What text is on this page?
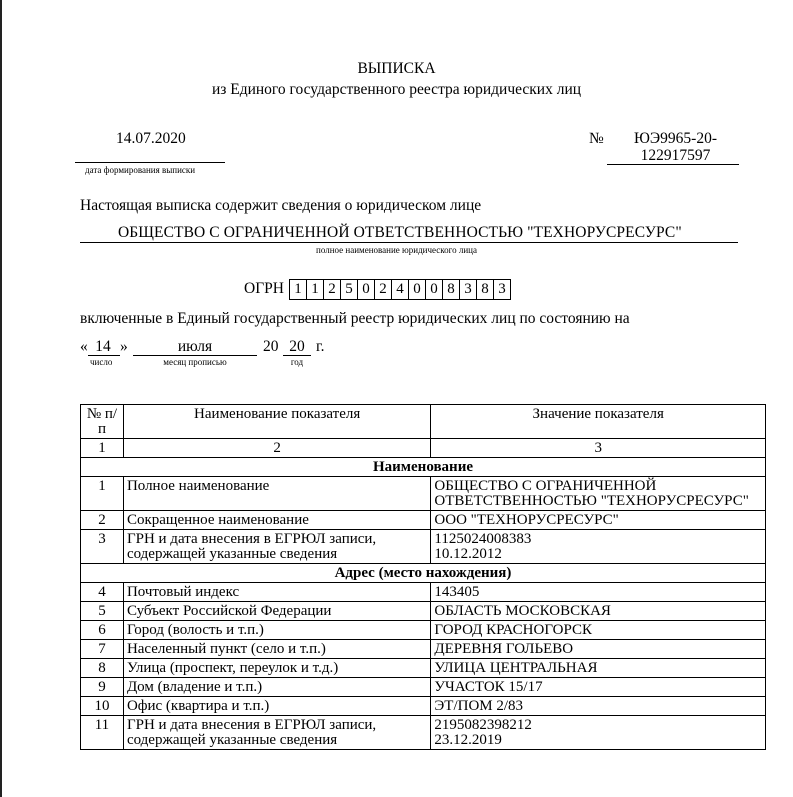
ВЫПИСКА
из Единого государственного реестра юридических лиц
14.07.2020
дата формирования выписки
№	ЮЭ9965-20-122917597
Настоящая выписка содержит сведения о юридическом лице
ОБЩЕСТВО С ОГРАНИЧЕННОЙ ОТВЕТСТВЕННОСТЬЮ "ТЕХНОРУСРЕСУРС"
полное наименование юридического лица
ОГРН 1 1 2 5 0 2 4 0 0 8 3 8 3
включенные в Единый государственный реестр юридических лиц по состоянию на
« 14 »	июля	20 20 г.
число	месяц прописью	год
№ п/п	Наименование показателя	Значение показателя
1	2	3
Наименование		
1	Полное наименование	ОБЩЕСТВО С ОГРАНИЧЕННОЙ ОТВЕТСТВЕННОСТЬЮ "ТЕХНОРУСРЕСУРС"
2	Сокращенное наименование	ООО "ТЕХНОРУСРЕСУРС"
3	ГРН и дата внесения в ЕГРЮЛ записи, содержащей указанные сведения	1125024008383
10.12.2012
Адрес (место нахождения)		
4	Почтовый индекс	143405
5	Субъект Российской Федерации	ОБЛАСТЬ МОСКОВСКАЯ
6	Город (волость и т.п.)	ГОРОД КРАСНОГОРСК
7	Населенный пункт (село и т.п.)	ДЕРЕВНЯ ГОЛЬЕВО
8	Улица (проспект, переулок и т.д.)	УЛИЦА ЦЕНТРАЛЬНАЯ
9	Дом (владение и т.п.)	УЧАСТОК 15/17
10	Офис (квартира и т.п.)	ЭТ/ПОМ 2/83
11	ГРН и дата внесения в ЕГРЮЛ записи, содержащей указанные сведения	2195082398212
23.12.2019
